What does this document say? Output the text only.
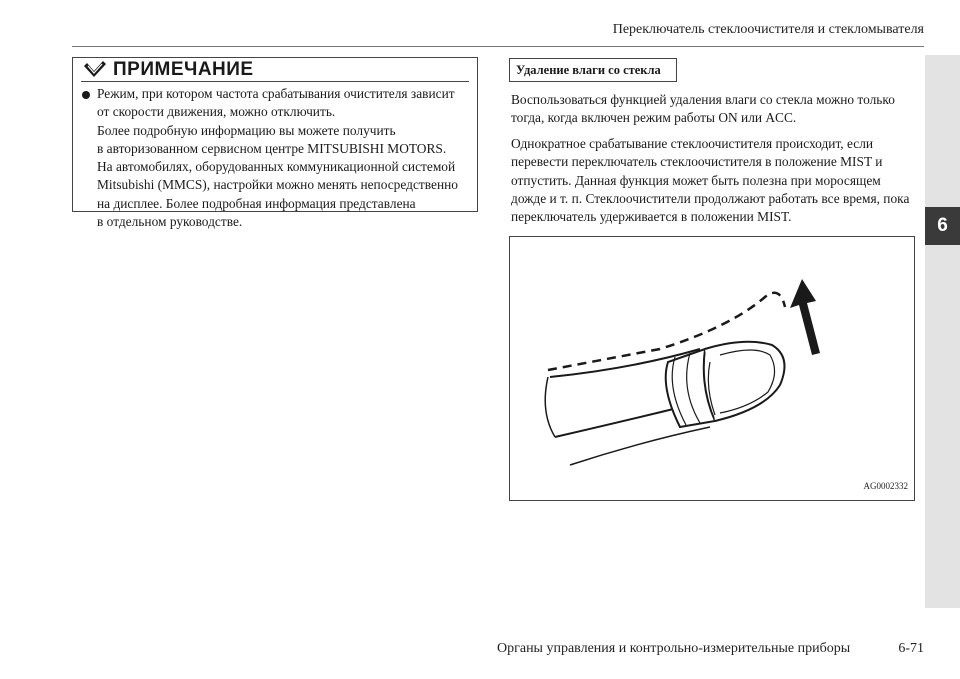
Переключатель стеклоочистителя и стекломывателя
6
ПРИМЕЧАНИЕ
Режим, при котором частота срабатывания очистителя зависит
от скорости движения, можно отключить.
Более подробную информацию вы можете получить
в авторизованном сервисном центре MITSUBISHI MOTORS.
На автомобилях, оборудованных коммуникационной системой
Mitsubishi (MMCS), настройки можно менять непосредственно
на дисплее. Более подробная информация представлена
в отдельном руководстве.
Удаление влаги со стекла
Воспользоваться функцией удаления влаги со стекла можно только
тогда, когда включен режим работы ON или ACC.
Однократное срабатывание стеклоочистителя происходит, если
перевести переключатель стеклоочистителя в положение MIST и
отпустить. Данная функция может быть полезна при моросящем
дожде и т. п. Стеклоочистители продолжают работать все время, пока
переключатель удерживается в положении MIST.
AG0002332
Органы управления и контрольно-измерительные приборы	6-71
